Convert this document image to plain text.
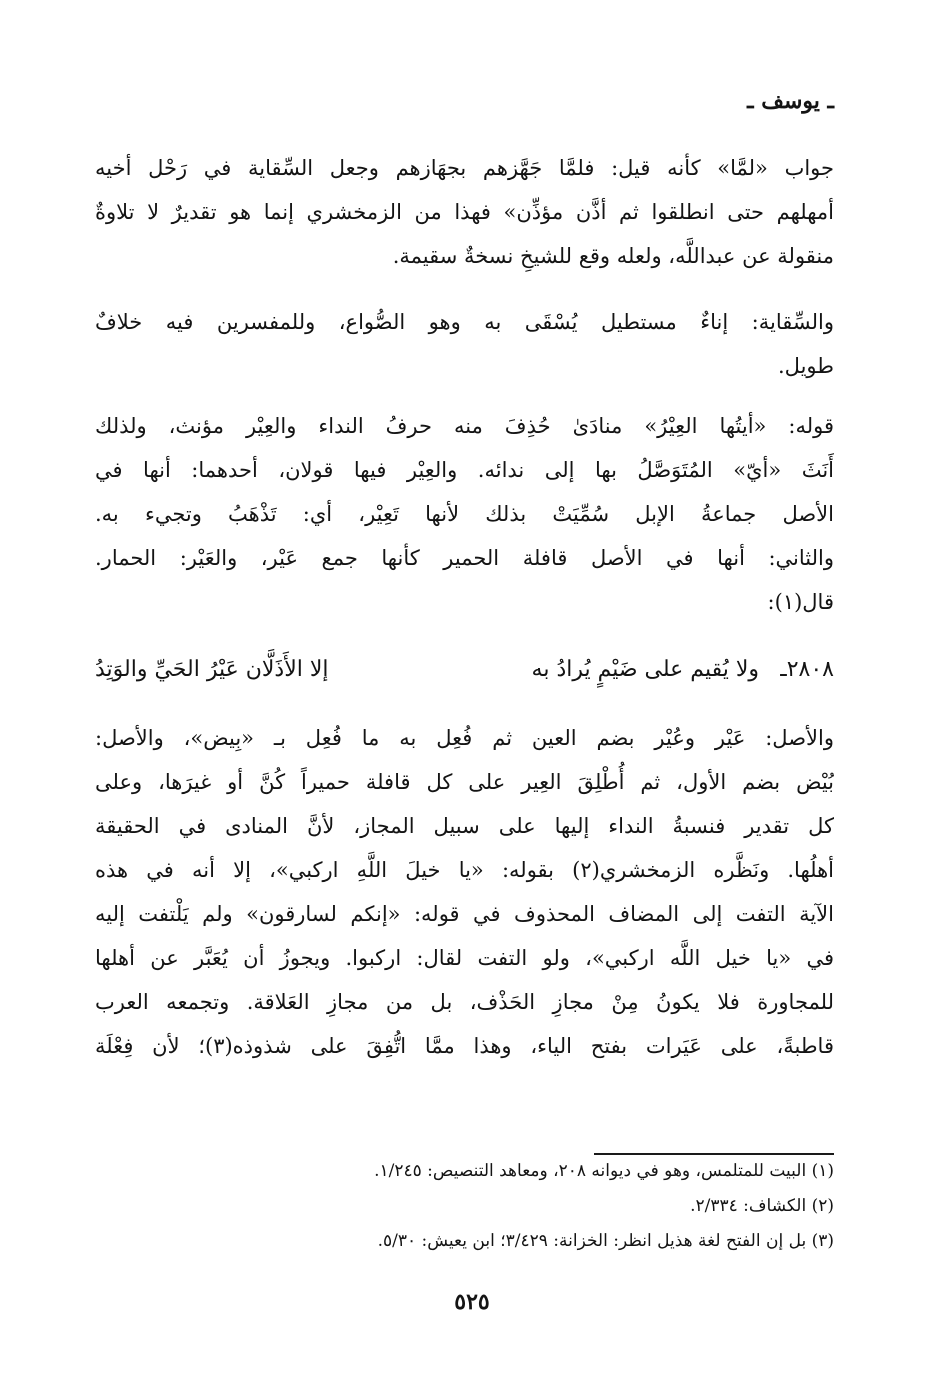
ـ يوسف ـ
جواب «لمَّا» كأنه قيل: فلمَّا جَهَّزهم بجهَازهم وجعل السِّقاية في رَحْل أخيه
أمهلهم حتى انطلقوا ثم أذَّن مؤذِّن» فهذا من الزمخشري إنما هو تقديرٌ لا تلاوةٌ
منقولة عن عبداللَّه، ولعله وقع للشيخِ نسخةٌ سقيمة.
والسِّقاية: إناءٌ مستطيل يُسْقَى به وهو الصُّواع، وللمفسرين فيه خلافٌ
طويل.
قوله: «أيتُها العِيْرُ» منادَىٰ حُذِفَ منه حرفُ النداء والعِيْر مؤنث، ولذلك
أَنَثَ «أيّ» المُتَوَصَّلُ بها إلى ندائه. والعِيْر فيها قولان، أحدهما: أنها في
الأصل جماعةُ الإبل سُمِّيَتْ بذلك لأنها تَعِيْر، أي: تَذْهَبُ وتجيء به.
والثاني: أنها في الأصل قافلة الحمير كأنها جمع عَيْر، والعَيْر: الحمار.
قال(١):
٢٨٠٨ـ
ولا يُقيم على ضَيْمٍ يُرادُ به
إلا الأَذَلَّان عَيْرُ الحَيِّ والوَتِدُ
والأصل: عَيْر وعُيْر بضم العين ثم فُعِل به ما فُعِل بـ «بِيض»، والأصل:
بُيْض بضم الأول، ثم أُطْلِقَ العِير على كل قافلة حميراً كُنَّ أو غيرَها، وعلى
كل تقدير فنسبةُ النداء إليها على سبيل المجاز، لأنَّ المنادى في الحقيقة
أهلُها. ونَظَّره الزمخشري(٢) بقوله: «يا خيلَ اللَّهِ اركبي»، إلا أنه في هذه
الآية التفت إلى المضاف المحذوف في قوله: «إنكم لسارقون» ولم يَلْتفت إليه
في «يا خيل اللَّه اركبي»، ولو التفت لقال: اركبوا. ويجوزُ أن يُعَبَّر عن أهلها
للمجاورة فلا يكونُ مِنْ مجازِ الحَذْف، بل من مجازِ العَلاقة. وتجمعه العرب
قاطبةً، على عَيَرات بفتح الياء، وهذا ممَّا اتُّفِقَ على شذوذه(٣)؛ لأن فِعْلَة
(١) البيت للمتلمس، وهو في ديوانه ٢٠٨، ومعاهد التنصيص: ١/٢٤٥.
(٢) الكشاف: ٢/٣٣٤.
(٣) بل إن الفتح لغة هذيل انظر: الخزانة: ٣/٤٢٩؛ ابن يعيش: ٥/٣٠.
٥٢٥
